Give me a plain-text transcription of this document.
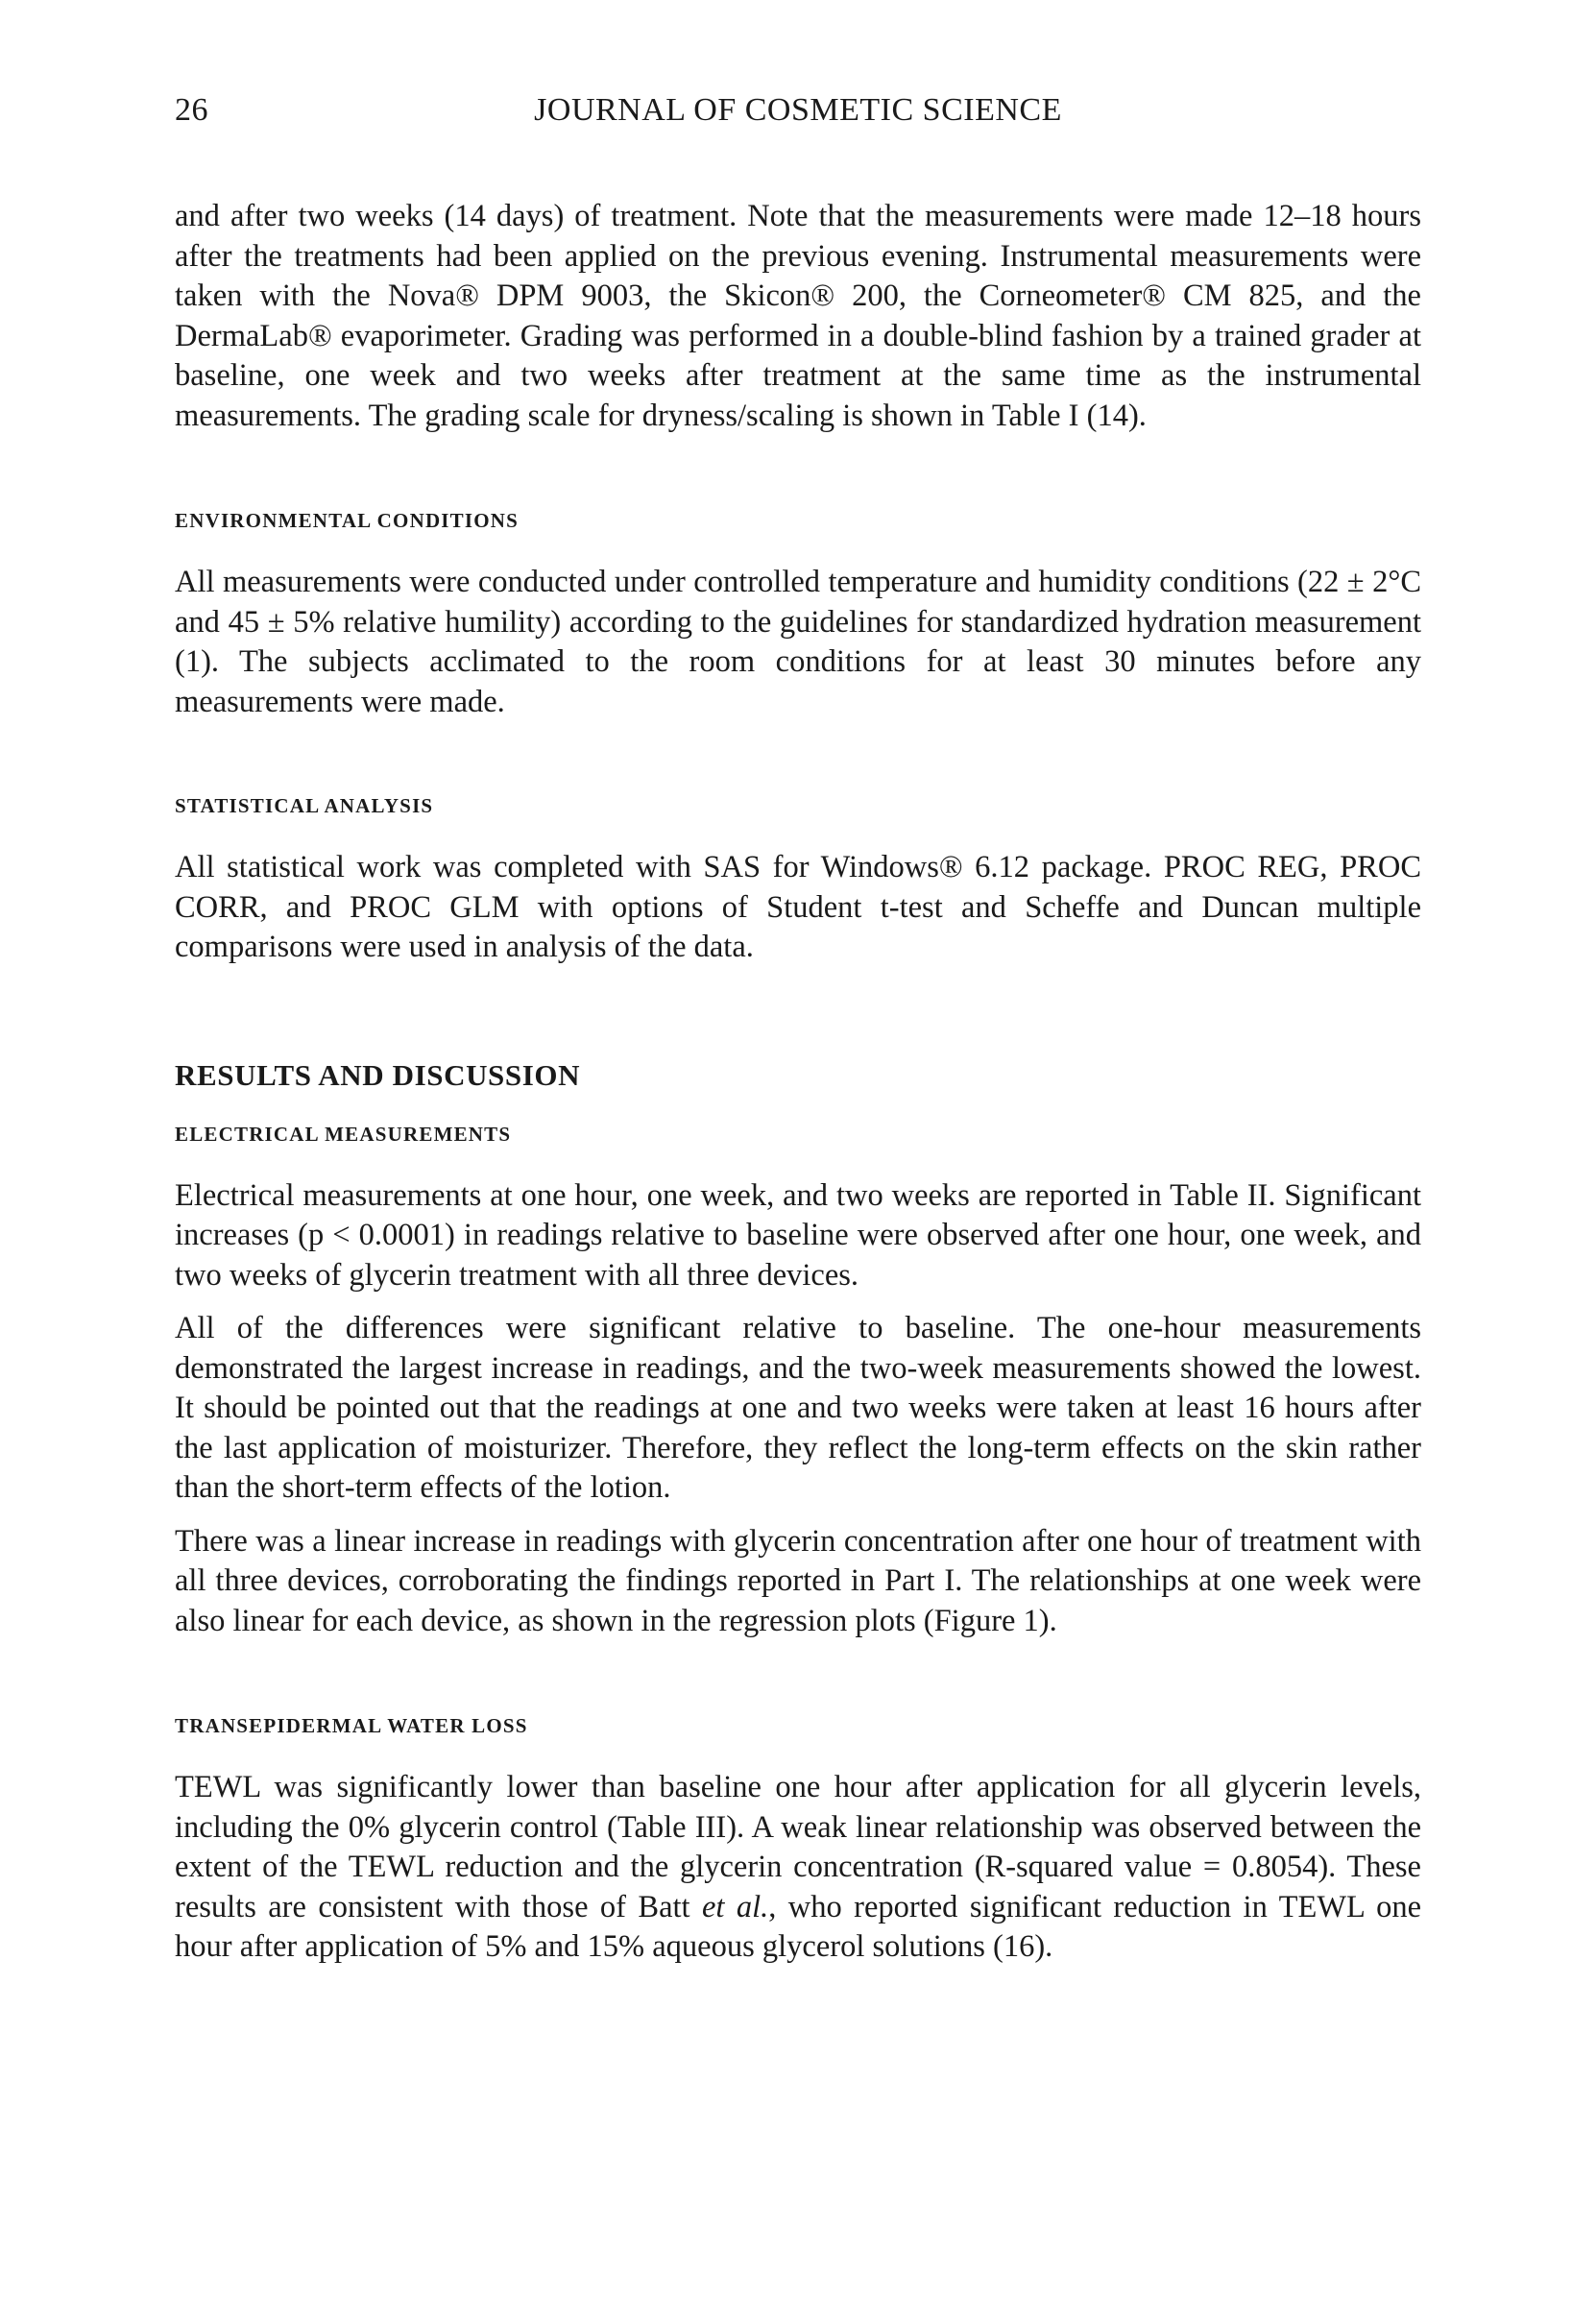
26	JOURNAL OF COSMETIC SCIENCE

and after two weeks (14 days) of treatment. Note that the measurements were made 12–18 hours after the treatments had been applied on the previous evening. Instrumental measurements were taken with the Nova® DPM 9003, the Skicon® 200, the Corneometer® CM 825, and the DermaLab® evaporimeter. Grading was performed in a double-blind fashion by a trained grader at baseline, one week and two weeks after treatment at the same time as the instrumental measurements. The grading scale for dryness/scaling is shown in Table I (14).

ENVIRONMENTAL CONDITIONS

All measurements were conducted under controlled temperature and humidity conditions (22 ± 2°C and 45 ± 5% relative humility) according to the guidelines for standardized hydration measurement (1). The subjects acclimated to the room conditions for at least 30 minutes before any measurements were made.

STATISTICAL ANALYSIS

All statistical work was completed with SAS for Windows® 6.12 package. PROC REG, PROC CORR, and PROC GLM with options of Student t-test and Scheffe and Duncan multiple comparisons were used in analysis of the data.

RESULTS AND DISCUSSION
ELECTRICAL MEASUREMENTS

Electrical measurements at one hour, one week, and two weeks are reported in Table II. Significant increases (p < 0.0001) in readings relative to baseline were observed after one hour, one week, and two weeks of glycerin treatment with all three devices.

All of the differences were significant relative to baseline. The one-hour measurements demonstrated the largest increase in readings, and the two-week measurements showed the lowest. It should be pointed out that the readings at one and two weeks were taken at least 16 hours after the last application of moisturizer. Therefore, they reflect the long-term effects on the skin rather than the short-term effects of the lotion.

There was a linear increase in readings with glycerin concentration after one hour of treatment with all three devices, corroborating the findings reported in Part I. The relationships at one week were also linear for each device, as shown in the regression plots (Figure 1).

TRANSEPIDERMAL WATER LOSS

TEWL was significantly lower than baseline one hour after application for all glycerin levels, including the 0% glycerin control (Table III). A weak linear relationship was observed between the extent of the TEWL reduction and the glycerin concentration (R-squared value = 0.8054). These results are consistent with those of Batt et al., who reported significant reduction in TEWL one hour after application of 5% and 15% aqueous glycerol solutions (16).
